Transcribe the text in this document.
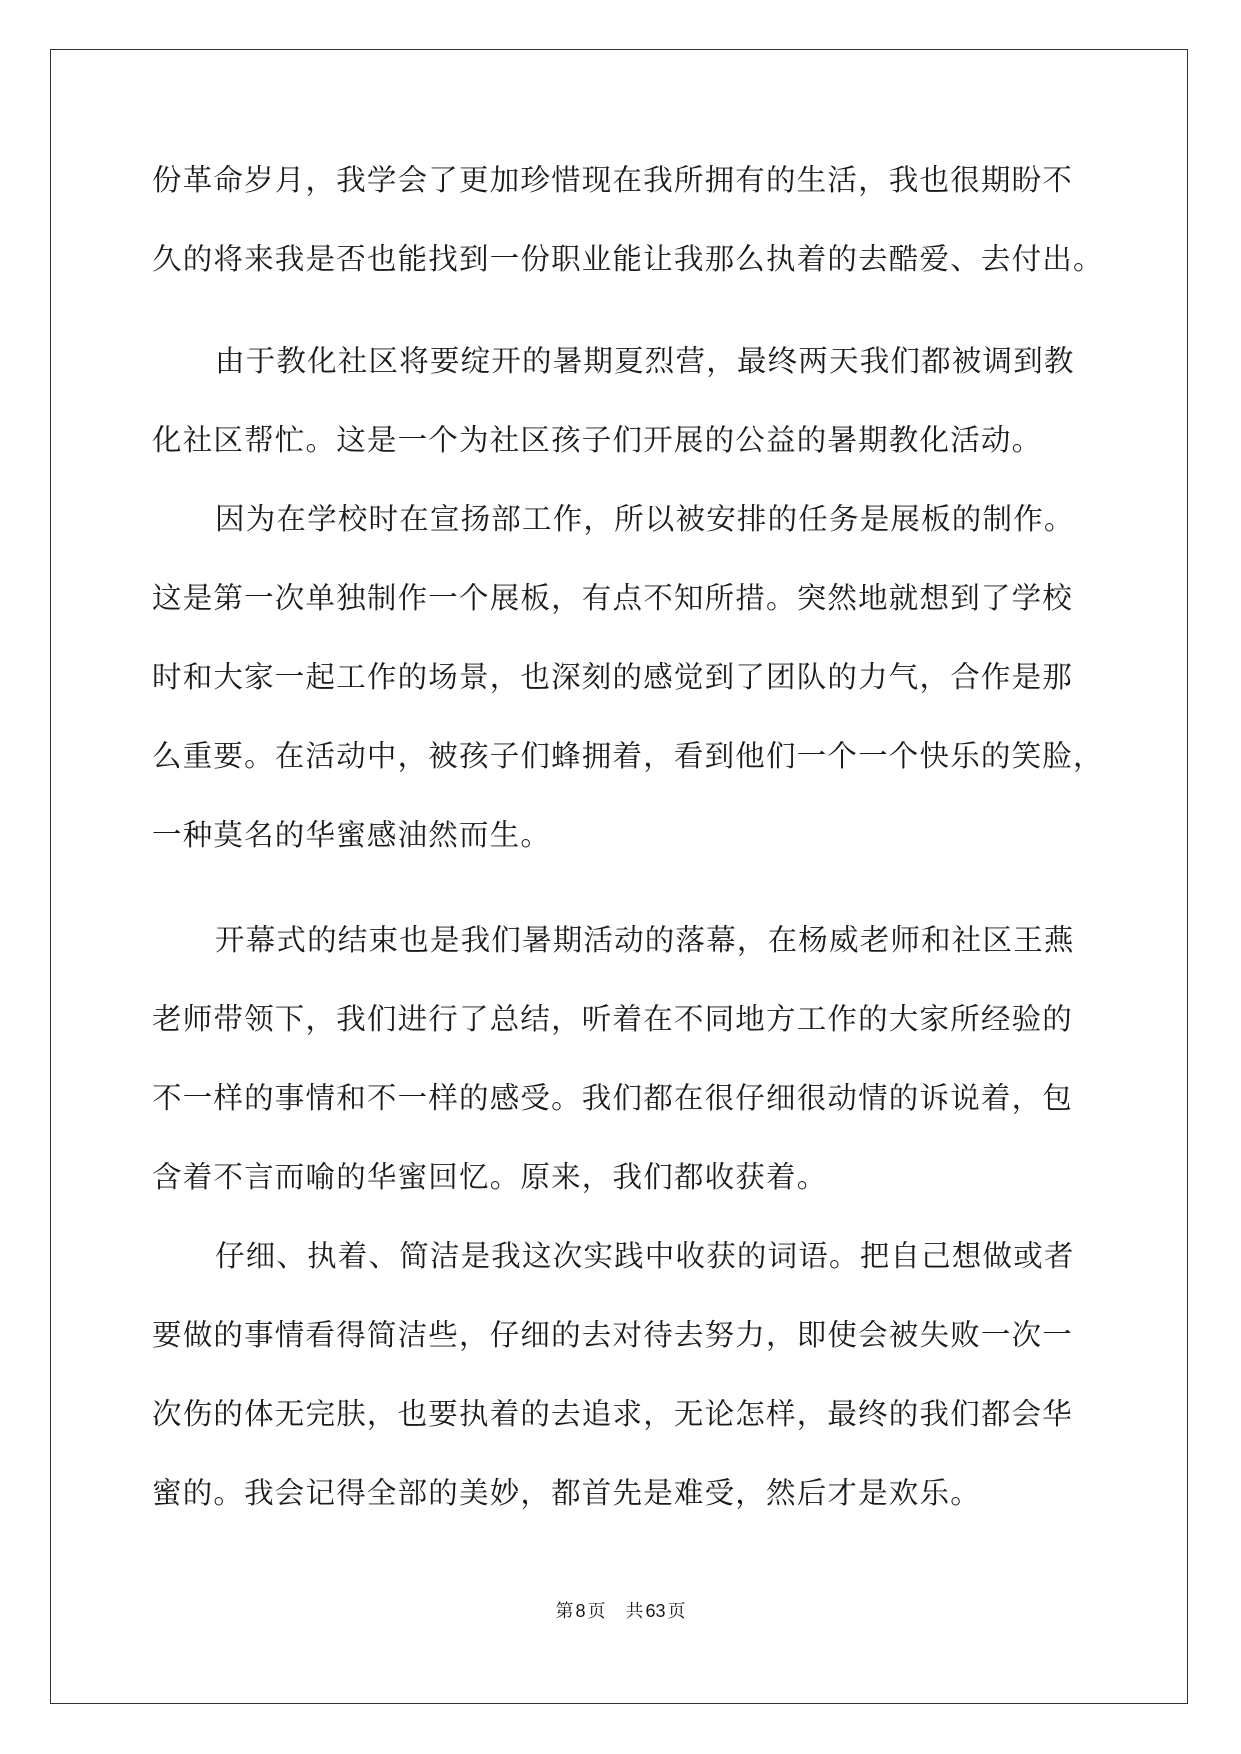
份革命岁月，我学会了更加珍惜现在我所拥有的生活，我也很期盼不
久的将来我是否也能找到一份职业能让我那么执着的去酷爱、去付出。
由于教化社区将要绽开的暑期夏烈营，最终两天我们都被调到教
化社区帮忙。这是一个为社区孩子们开展的公益的暑期教化活动。
因为在学校时在宣扬部工作，所以被安排的任务是展板的制作。
这是第一次单独制作一个展板，有点不知所措。突然地就想到了学校
时和大家一起工作的场景，也深刻的感觉到了团队的力气，合作是那
么重要。在活动中，被孩子们蜂拥着，看到他们一个一个快乐的笑脸，
一种莫名的华蜜感油然而生。
开幕式的结束也是我们暑期活动的落幕，在杨威老师和社区王燕
老师带领下，我们进行了总结，听着在不同地方工作的大家所经验的
不一样的事情和不一样的感受。我们都在很仔细很动情的诉说着，包
含着不言而喻的华蜜回忆。原来，我们都收获着。
仔细、执着、简洁是我这次实践中收获的词语。把自己想做或者
要做的事情看得简洁些，仔细的去对待去努力，即使会被失败一次一
次伤的体无完肤，也要执着的去追求，无论怎样，最终的我们都会华
蜜的。我会记得全部的美妙，都首先是难受，然后才是欢乐。
第 8 页 共 63 页
